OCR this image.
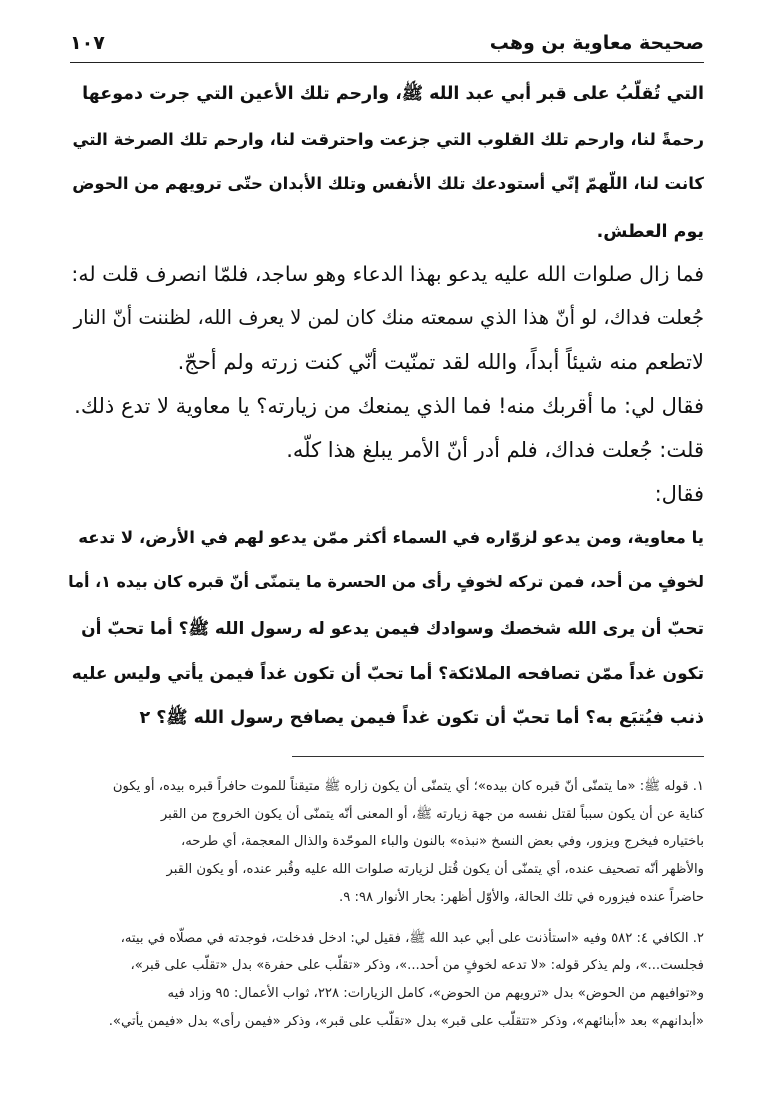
صحيحة معاوية بن وهب
١٠٧
التي تُقلّبُ على قبر أبي عبد الله ﷺ، وارحم تلك الأعين التي جرت دموعها
رحمةً لنا، وارحم تلك القلوب التي جزعت واحترقت لنا، وارحم تلك الصرخة التي
كانت لنا، اللّهمّ إنّي أستودعك تلك الأنفس وتلك الأبدان حتّى ترويهم من الحوض
يوم العطش.
فما زال صلوات الله عليه يدعو بهذا الدعاء وهو ساجد، فلمّا انصرف قلت له:
جُعلت فداك، لو أنّ هذا الذي سمعته منك كان لمن لا يعرف الله، لظننت أنّ النار
لاتطعم منه شيئاً أبداً، والله لقد تمنّيت أنّي كنت زرته ولم أحجّ.
فقال لي: ما أقربك منه! فما الذي يمنعك من زيارته؟ يا معاوية لا تدع ذلك.
قلت: جُعلت فداك، فلم أدر أنّ الأمر يبلغ هذا كلّه.
فقال:
يا معاوية، ومن يدعو لزوّاره في السماء أكثر ممّن يدعو لهم في الأرض، لا تدعه
لخوفٍ من أحد، فمن تركه لخوفٍ رأى من الحسرة ما يتمنّى أنّ قبره كان بيده ١، أما
تحبّ أن يرى الله شخصك وسوادك فيمن يدعو له رسول الله ﷺ؟ أما تحبّ أن
تكون غداً ممّن تصافحه الملائكة؟ أما تحبّ أن تكون غداً فيمن يأتي وليس عليه
ذنب فيُتبَع به؟ أما تحبّ أن تكون غداً فيمن يصافح رسول الله ﷺ؟ ٢
١. قوله ﷺ: «ما يتمنّى أنّ قبره كان بيده»؛ أي يتمنّى أن يكون زاره ﷺ متيقناً للموت حافراً قبره بيده، أو يكون
كناية عن أن يكون سبباً لقتل نفسه من جهة زيارته ﷺ، أو المعنى أنّه يتمنّى أن يكون الخروج من القبر
باختياره فيخرج ويزور، وفي بعض النسخ «نبذه» بالنون والباء الموحّدة والذال المعجمة، أي طرحه،
والأظهر أنّه تصحيف عنده، أي يتمنّى أن يكون قُتل لزيارته صلوات الله عليه وقُبر عنده، أو يكون القبر
حاضراً عنده فيزوره في تلك الحالة، والأوّل أظهر: بحار الأنوار ٩٨: ٩.
٢. الكافي ٤: ٥٨٢ وفيه «استأذنت على أبي عبد الله ﷺ، فقيل لي: ادخل فدخلت، فوجدته في مصلّاه في بيته،
فجلست...»، ولم يذكر قوله: «لا تدعه لخوفٍ من أحد...»، وذكر «تقلّب على حفرة» بدل «تقلّب على قبر»،
و«توافيهم من الحوض» بدل «ترويهم من الحوض»، كامل الزيارات: ٢٢٨، ثواب الأعمال: ٩٥ وزاد فيه
«أبدانهم» بعد «أبنائهم»، وذكر «تتقلّب على قبر» بدل «تقلّب على قبر»، وذكر «فيمن رأى» بدل «فيمن يأتي».
